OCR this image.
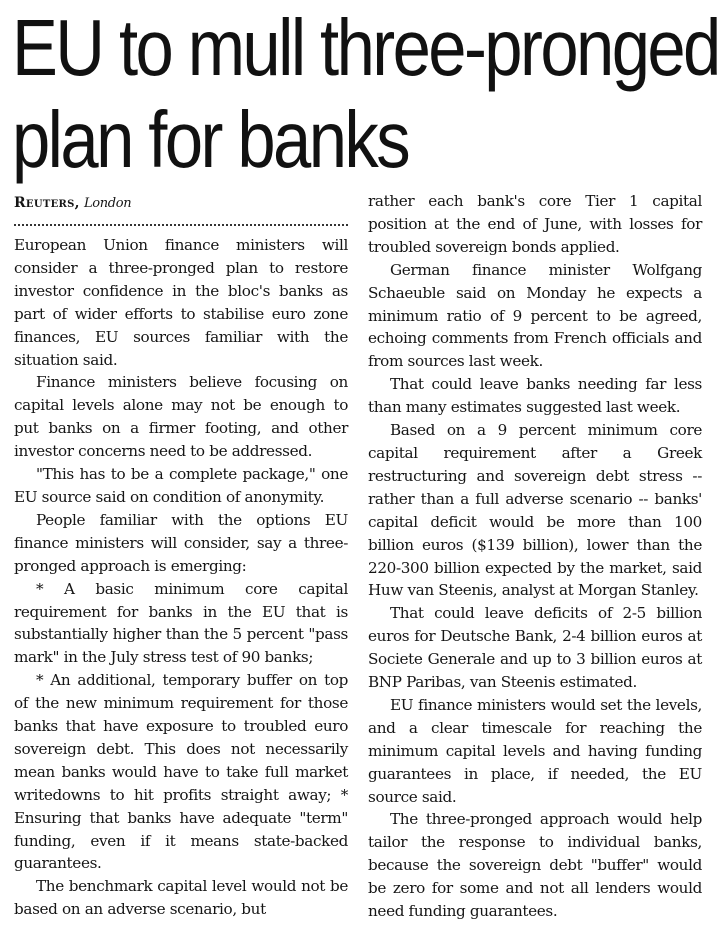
EU to mull three-pronged
plan for banks

Reuters, London

European Union finance ministers will consider a three-pronged plan to restore investor confidence in the bloc's banks as part of wider efforts to stabilise euro zone finances, EU sources familiar with the situation said.

Finance ministers believe focusing on capital levels alone may not be enough to put banks on a firmer footing, and other investor concerns need to be addressed.

"This has to be a complete package," one EU source said on condition of anonymity.

People familiar with the options EU finance ministers will consider, say a three-pronged approach is emerging:

* A basic minimum core capital requirement for banks in the EU that is substantially higher than the 5 percent "pass mark" in the July stress test of 90 banks;

* An additional, temporary buffer on top of the new minimum requirement for those banks that have exposure to troubled euro sovereign debt. This does not necessarily mean banks would have to take full market writedowns to hit profits straight away; * Ensuring that banks have adequate "term" funding, even if it means state-backed guarantees.

The benchmark capital level would not be based on an adverse scenario, but

rather each bank's core Tier 1 capital position at the end of June, with losses for troubled sovereign bonds applied.

German finance minister Wolfgang Schaeuble said on Monday he expects a minimum ratio of 9 percent to be agreed, echoing comments from French officials and from sources last week.

That could leave banks needing far less than many estimates suggested last week.

Based on a 9 percent minimum core capital requirement after a Greek restructuring and sovereign debt stress -- rather than a full adverse scenario -- banks' capital deficit would be more than 100 billion euros ($139 billion), lower than the 220-300 billion expected by the market, said Huw van Steenis, analyst at Morgan Stanley.

That could leave deficits of 2-5 billion euros for Deutsche Bank, 2-4 billion euros at Societe Generale and up to 3 billion euros at BNP Paribas, van Steenis estimated.

EU finance ministers would set the levels, and a clear timescale for reaching the minimum capital levels and having funding guarantees in place, if needed, the EU source said.

The three-pronged approach would help tailor the response to individual banks, because the sovereign debt "buffer" would be zero for some and not all lenders would need funding guarantees.
